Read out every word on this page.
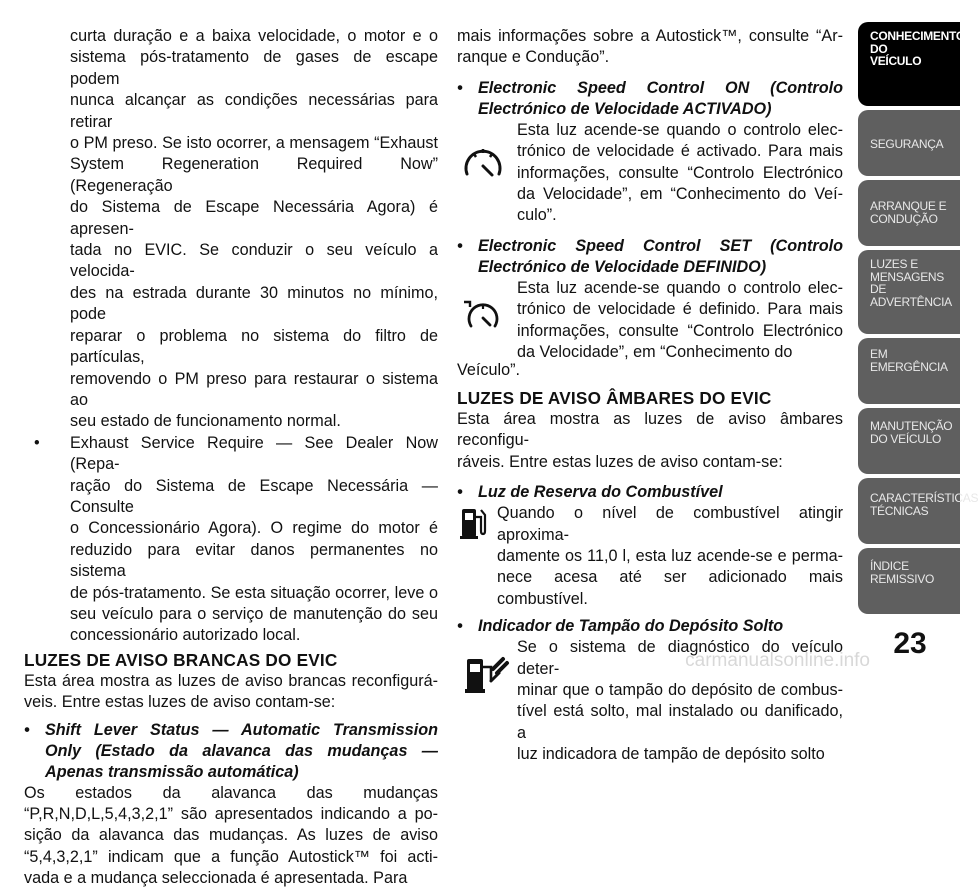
curta duração e a baixa velocidade, o motor e o
sistema pós-tratamento de gases de escape podem
nunca alcançar as condições necessárias para retirar
o PM preso. Se isto ocorrer, a mensagem “Exhaust
System Regeneration Required Now” (Regeneração
do Sistema de Escape Necessária Agora) é apresen-
tada no EVIC. Se conduzir o seu veículo a velocida-
des na estrada durante 30 minutos no mínimo, pode
reparar o problema no sistema do filtro de partículas,
removendo o PM preso para restaurar o sistema ao
seu estado de funcionamento normal.
• Exhaust Service Require — See Dealer Now (Repa-
ração do Sistema de Escape Necessária — Consulte
o Concessionário Agora). O regime do motor é
reduzido para evitar danos permanentes no sistema
de pós-tratamento. Se esta situação ocorrer, leve o
seu veículo para o serviço de manutenção do seu
concessionário autorizado local.

LUZES DE AVISO BRANCAS DO EVIC

Esta área mostra as luzes de aviso brancas reconfigurá-
veis. Entre estas luzes de aviso contam-se:
• Shift Lever Status — Automatic Transmission
Only (Estado da alavanca das mudanças —
Apenas transmissão automática)
Os estados da alavanca das mudanças
“P,R,N,D,L,5,4,3,2,1” são apresentados indicando a po-
sição da alavanca das mudanças. As luzes de aviso
“5,4,3,2,1” indicam que a função Autostick™ foi acti-
vada e a mudança seleccionada é apresentada. Para
mais informações sobre a Autostick™, consulte “Ar-
ranque e Condução”.
• Electronic Speed Control ON (Controlo
Electrónico de Velocidade ACTIVADO)
Esta luz acende-se quando o controlo elec-
trónico de velocidade é activado. Para mais
informações, consulte “Controlo Electrónico
da Velocidade”, em “Conhecimento do Veí-
culo”.
• Electronic Speed Control SET (Controlo
Electrónico de Velocidade DEFINIDO)
Esta luz acende-se quando o controlo elec-
trónico de velocidade é definido. Para mais
informações, consulte “Controlo Electrónico
da Velocidade”, em “Conhecimento do

Veículo”.

LUZES DE AVISO ÂMBARES DO EVIC

Esta área mostra as luzes de aviso âmbares reconfigu-
ráveis. Entre estas luzes de aviso contam-se:
• Luz de Reserva do Combustível
Quando o nível de combustível atingir aproxima-
damente os 11,0 l, esta luz acende-se e perma-
nece acesa até ser adicionado mais combustível.
• Indicador de Tampão do Depósito Solto
Se o sistema de diagnóstico do veículo deter-
minar que o tampão do depósito de combus-
tível está solto, mal instalado ou danificado, a
luz indicadora de tampão de depósito solto
CONHECIMENTO
DO
VEÍCULO
SEGURANÇA
ARRANQUE E
CONDUÇÃO
LUZES E
MENSAGENS
DE
ADVERTÊNCIA
EM
EMERGÊNCIA
MANUTENÇÃO
DO VEÍCULO
CARACTERÍSTICAS
TÉCNICAS
ÍNDICE
REMISSIVO
23
carmanualsonline.info
